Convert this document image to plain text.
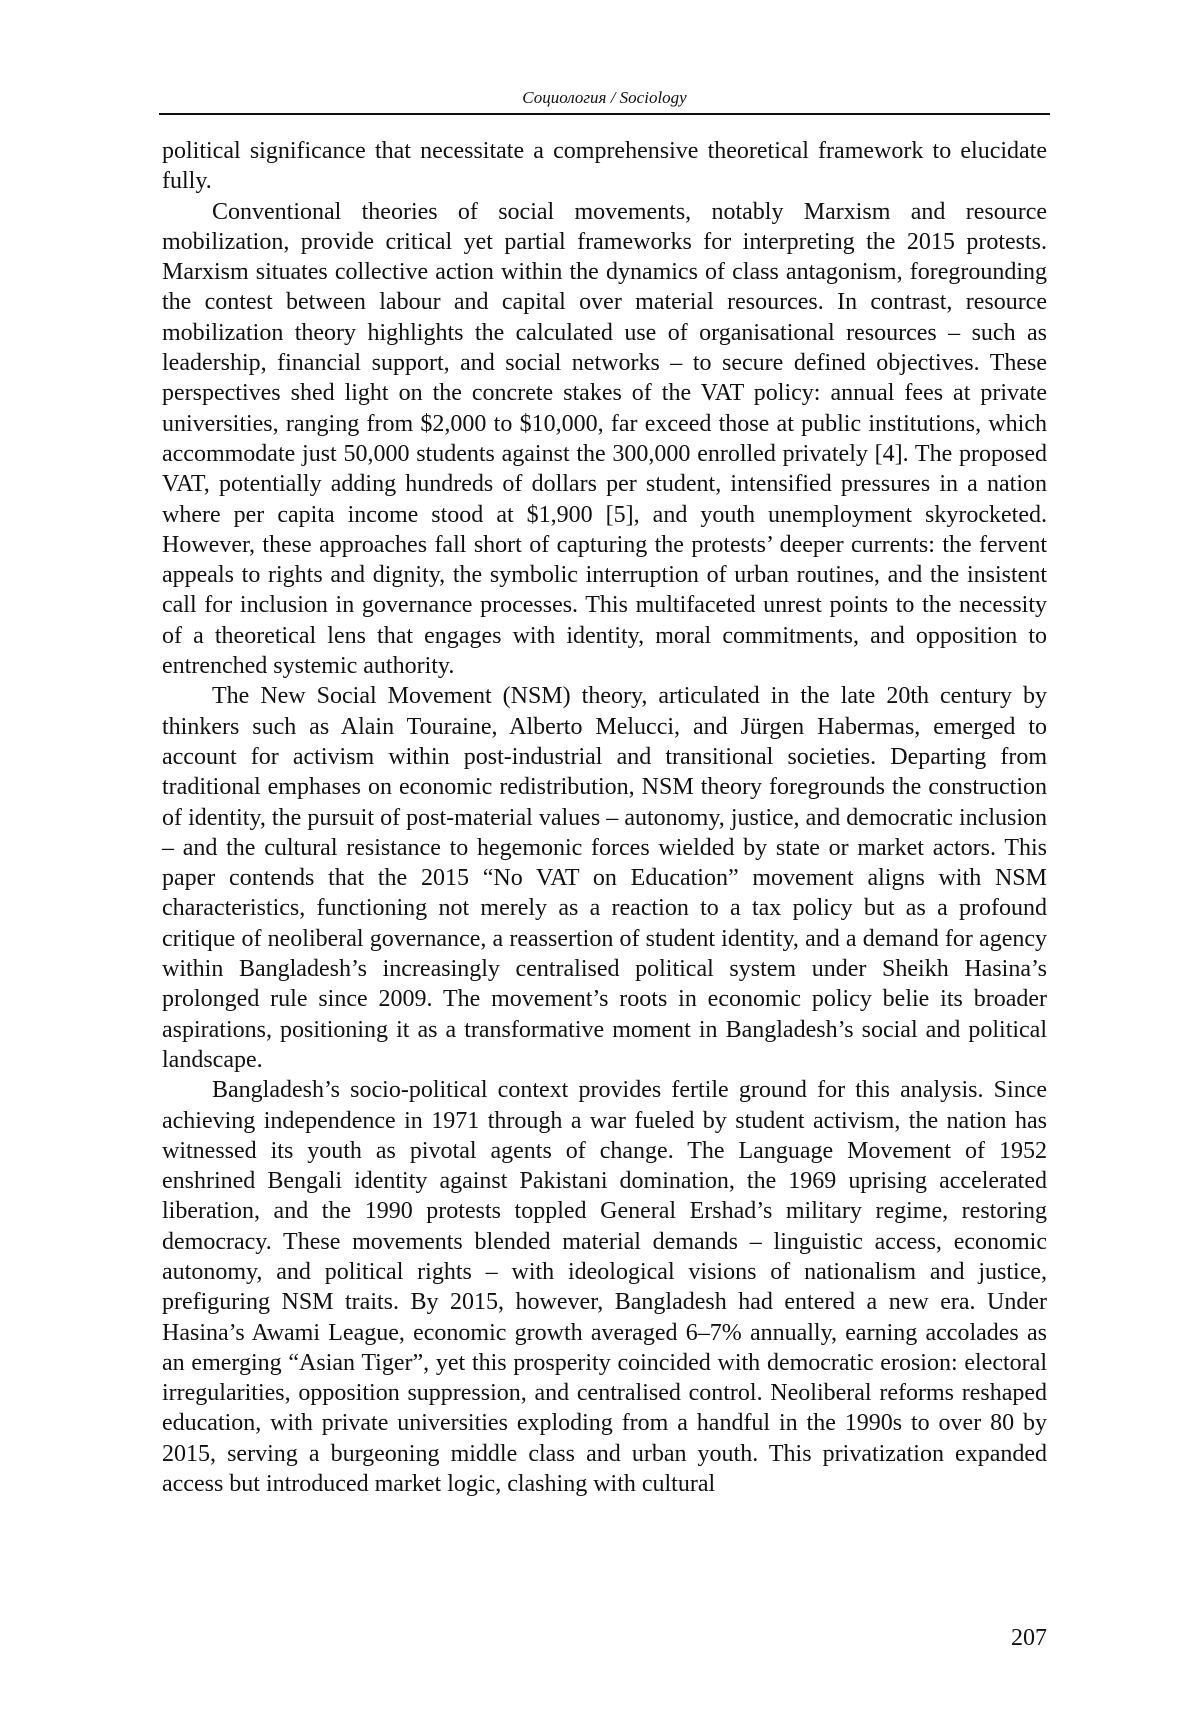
Социология / Sociology

political significance that necessitate a comprehensive theoretical framework to elucidate fully.

Conventional theories of social movements, notably Marxism and resource mobilization, provide critical yet partial frameworks for interpreting the 2015 protests. Marxism situates collective action within the dynamics of class antagonism, foregrounding the contest between labour and capital over material resources. In contrast, resource mobilization theory highlights the calculated use of organisational resources – such as leadership, financial support, and social networks – to secure defined objectives. These perspectives shed light on the concrete stakes of the VAT policy: annual fees at private universities, ranging from $2,000 to $10,000, far exceed those at public institutions, which accommodate just 50,000 students against the 300,000 enrolled privately [4]. The proposed VAT, potentially adding hundreds of dollars per student, intensified pressures in a nation where per capita income stood at $1,900 [5], and youth unemployment skyrocketed. However, these approaches fall short of capturing the protests’ deeper currents: the fervent appeals to rights and dignity, the symbolic interruption of urban routines, and the insistent call for inclusion in governance processes. This multifaceted unrest points to the necessity of a theoretical lens that engages with identity, moral commitments, and opposition to entrenched systemic authority.

The New Social Movement (NSM) theory, articulated in the late 20th century by thinkers such as Alain Touraine, Alberto Melucci, and Jürgen Habermas, emerged to account for activism within post-industrial and transitional societies. Departing from traditional emphases on economic redistribution, NSM theory foregrounds the construction of identity, the pursuit of post-material values – autonomy, justice, and democratic inclusion – and the cultural resistance to hegemonic forces wielded by state or market actors. This paper contends that the 2015 “No VAT on Education” movement aligns with NSM characteristics, functioning not merely as a reaction to a tax policy but as a profound critique of neoliberal governance, a reassertion of student identity, and a demand for agency within Bangladesh’s increasingly centralised political system under Sheikh Hasina’s prolonged rule since 2009. The movement’s roots in economic policy belie its broader aspirations, positioning it as a transformative moment in Bangladesh’s social and political landscape.

Bangladesh’s socio-political context provides fertile ground for this analysis. Since achieving independence in 1971 through a war fueled by student activism, the nation has witnessed its youth as pivotal agents of change. The Language Movement of 1952 enshrined Bengali identity against Pakistani domination, the 1969 uprising accelerated liberation, and the 1990 protests toppled General Ershad’s military regime, restoring democracy. These movements blended material demands – linguistic access, economic autonomy, and political rights – with ideological visions of nationalism and justice, prefiguring NSM traits. By 2015, however, Bangladesh had entered a new era. Under Hasina’s Awami League, economic growth averaged 6–7% annually, earning accolades as an emerging “Asian Tiger”, yet this prosperity coincided with democratic erosion: electoral irregularities, opposition suppression, and centralised control. Neoliberal reforms reshaped education, with private universities exploding from a handful in the 1990s to over 80 by 2015, serving a burgeoning middle class and urban youth. This privatization expanded access but introduced market logic, clashing with cultural

207
